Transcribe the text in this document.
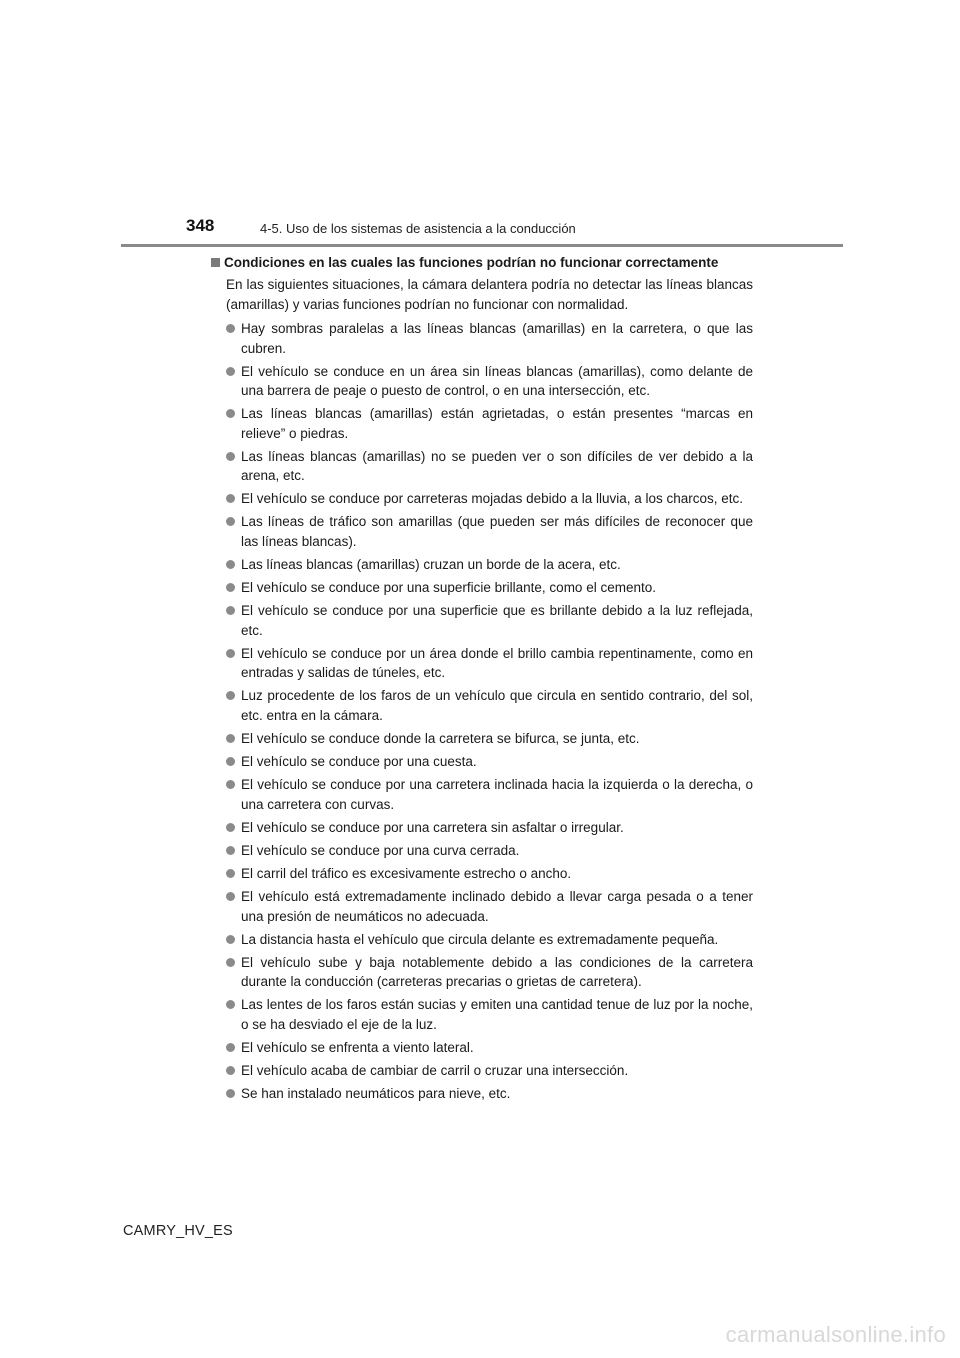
348	4-5. Uso de los sistemas de asistencia a la conducción
Condiciones en las cuales las funciones podrían no funcionar correctamente
En las siguientes situaciones, la cámara delantera podría no detectar las líneas blancas (amarillas) y varias funciones podrían no funcionar con normalidad.
Hay sombras paralelas a las líneas blancas (amarillas) en la carretera, o que las cubren.
El vehículo se conduce en un área sin líneas blancas (amarillas), como delante de una barrera de peaje o puesto de control, o en una intersección, etc.
Las líneas blancas (amarillas) están agrietadas, o están presentes “marcas en relieve” o piedras.
Las líneas blancas (amarillas) no se pueden ver o son difíciles de ver debido a la arena, etc.
El vehículo se conduce por carreteras mojadas debido a la lluvia, a los charcos, etc.
Las líneas de tráfico son amarillas (que pueden ser más difíciles de reconocer que las líneas blancas).
Las líneas blancas (amarillas) cruzan un borde de la acera, etc.
El vehículo se conduce por una superficie brillante, como el cemento.
El vehículo se conduce por una superficie que es brillante debido a la luz reflejada, etc.
El vehículo se conduce por un área donde el brillo cambia repentinamente, como en entradas y salidas de túneles, etc.
Luz procedente de los faros de un vehículo que circula en sentido contrario, del sol, etc. entra en la cámara.
El vehículo se conduce donde la carretera se bifurca, se junta, etc.
El vehículo se conduce por una cuesta.
El vehículo se conduce por una carretera inclinada hacia la izquierda o la derecha, o una carretera con curvas.
El vehículo se conduce por una carretera sin asfaltar o irregular.
El vehículo se conduce por una curva cerrada.
El carril del tráfico es excesivamente estrecho o ancho.
El vehículo está extremadamente inclinado debido a llevar carga pesada o a tener una presión de neumáticos no adecuada.
La distancia hasta el vehículo que circula delante es extremadamente pequeña.
El vehículo sube y baja notablemente debido a las condiciones de la carretera durante la conducción (carreteras precarias o grietas de carretera).
Las lentes de los faros están sucias y emiten una cantidad tenue de luz por la noche, o se ha desviado el eje de la luz.
El vehículo se enfrenta a viento lateral.
El vehículo acaba de cambiar de carril o cruzar una intersección.
Se han instalado neumáticos para nieve, etc.
CAMRY_HV_ES
carmanualsonline.info
